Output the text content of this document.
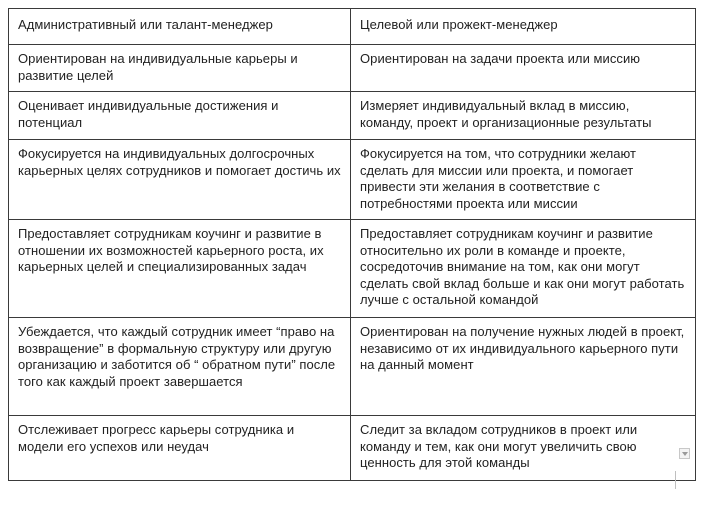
Административный или талант-менеджер	Целевой или прожект-менеджер
Ориентирован на индивидуальные карьеры и развитие целей	Ориентирован на задачи проекта или миссию
Оценивает индивидуальные достижения и потенциал	Измеряет индивидуальный вклад в миссию, команду, проект и организационные результаты
Фокусируется на индивидуальных долгосрочных карьерных целях сотрудников и помогает достичь их	Фокусируется на том, что сотрудники желают сделать для миссии или проекта, и помогает привести эти желания в соответствие с потребностями проекта или миссии
Предоставляет сотрудникам коучинг и развитие в отношении их возможностей карьерного роста, их карьерных целей и специализированных задач	Предоставляет сотрудникам коучинг и развитие относительно их роли в команде и проекте, сосредоточив внимание на том, как они могут сделать свой вклад больше и как они могут работать лучше с остальной командой
Убеждается, что каждый сотрудник имеет “право на возвращение” в формальную структуру или другую организацию и заботится об “ обратном пути” после того как каждый проект завершается	Ориентирован на получение нужных людей в проект, независимо от их индивидуального карьерного пути на данный момент
Отслеживает прогресс карьеры сотрудника и модели его успехов или неудач	Следит за вкладом сотрудников в проект или команду и тем, как они могут увеличить свою ценность для этой команды
